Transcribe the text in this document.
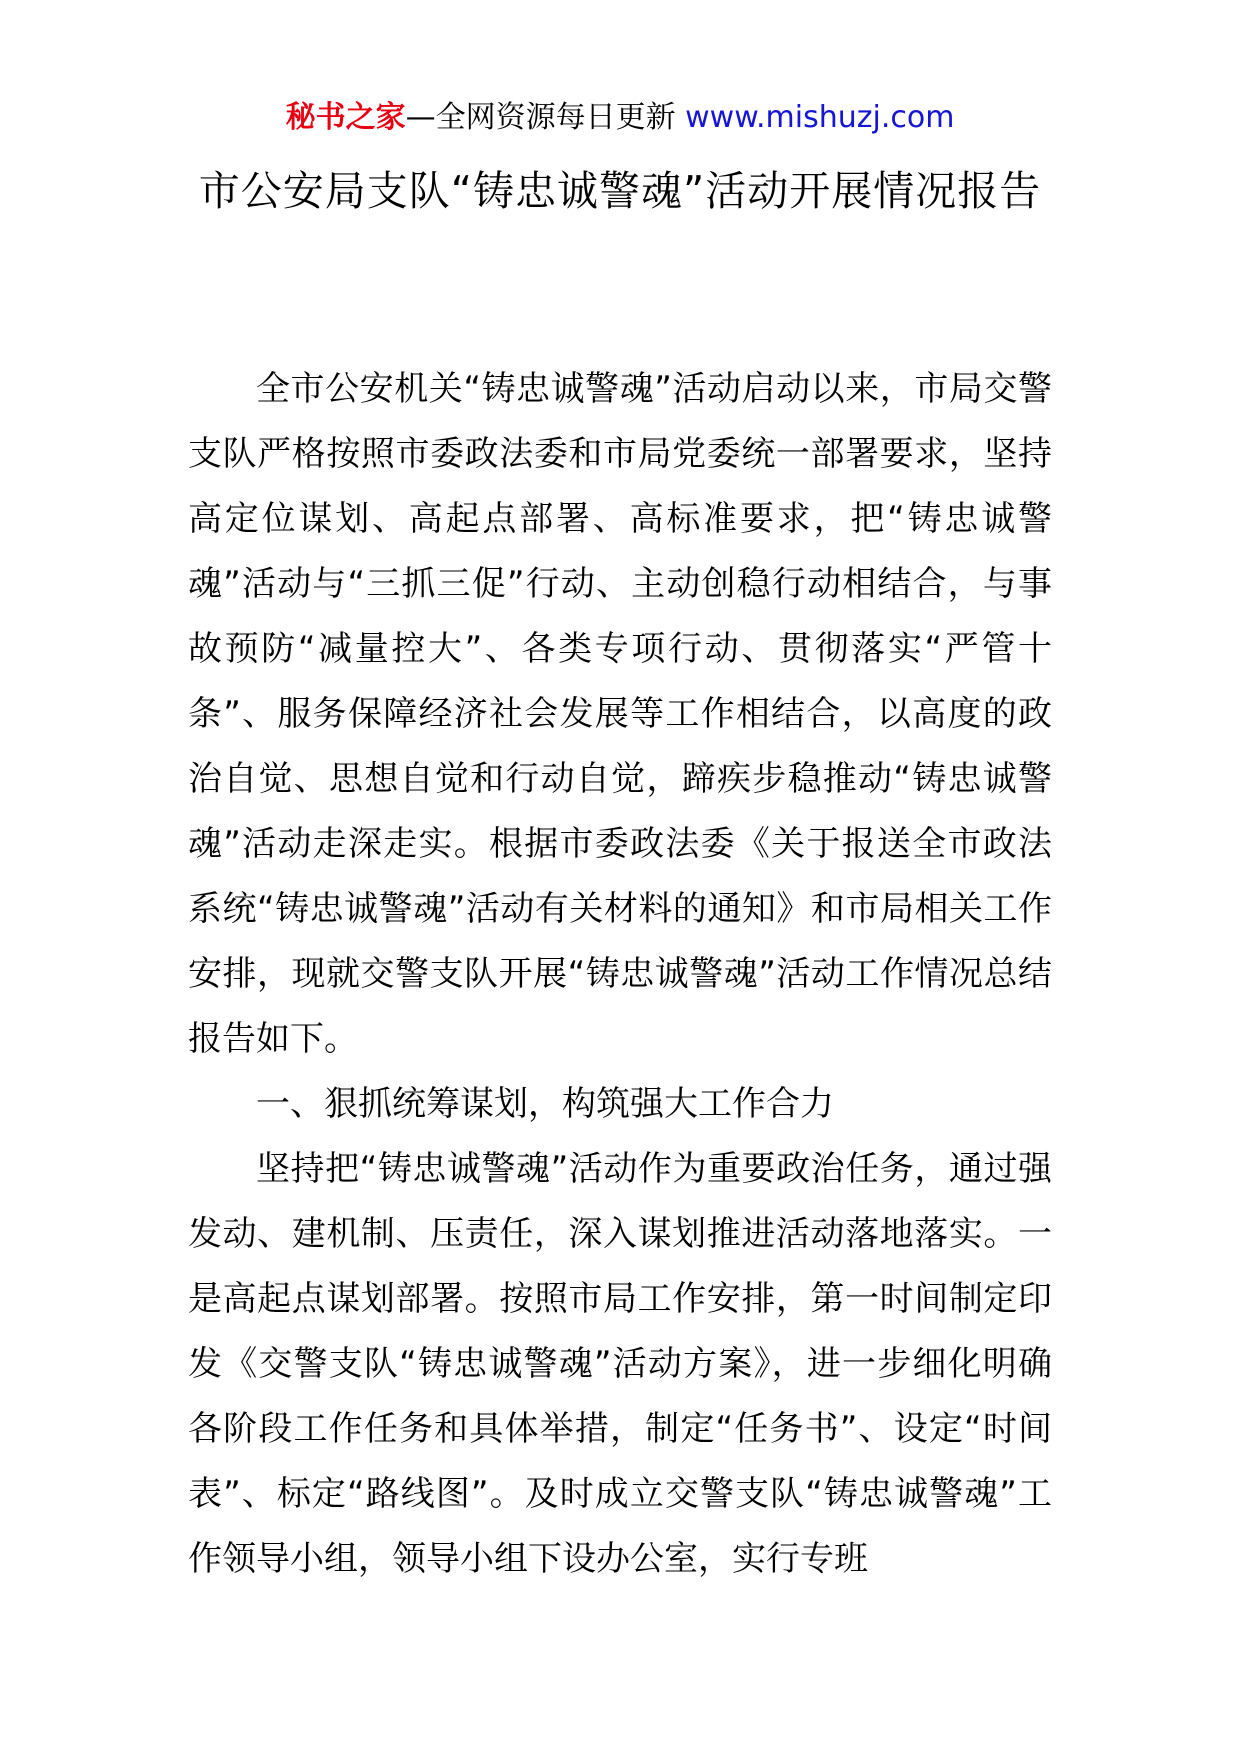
秘书之家—全网资源每日更新 www.mishuzj.com
市公安局支队“铸忠诚警魂”活动开展情况报告

全市公安机关“铸忠诚警魂”活动启动以来，市局交警支队严格按照市委政法委和市局党委统一部署要求，坚持高定位谋划、高起点部署、高标准要求，把“铸忠诚警魂”活动与“三抓三促”行动、主动创稳行动相结合，与事故预防“减量控大”、各类专项行动、贯彻落实“严管十条”、服务保障经济社会发展等工作相结合，以高度的政治自觉、思想自觉和行动自觉，蹄疾步稳推动“铸忠诚警魂”活动走深走实。根据市委政法委《关于报送全市政法系统“铸忠诚警魂”活动有关材料的通知》和市局相关工作安排，现就交警支队开展“铸忠诚警魂”活动工作情况总结报告如下。

一、狠抓统筹谋划，构筑强大工作合力

坚持把“铸忠诚警魂”活动作为重要政治任务，通过强发动、建机制、压责任，深入谋划推进活动落地落实。一是高起点谋划部署。按照市局工作安排，第一时间制定印发《交警支队“铸忠诚警魂”活动方案》，进一步细化明确各阶段工作任务和具体举措，制定“任务书”、设定“时间表”、标定“路线图”。及时成立交警支队“铸忠诚警魂”工作领导小组，领导小组下设办公室，实行专班
